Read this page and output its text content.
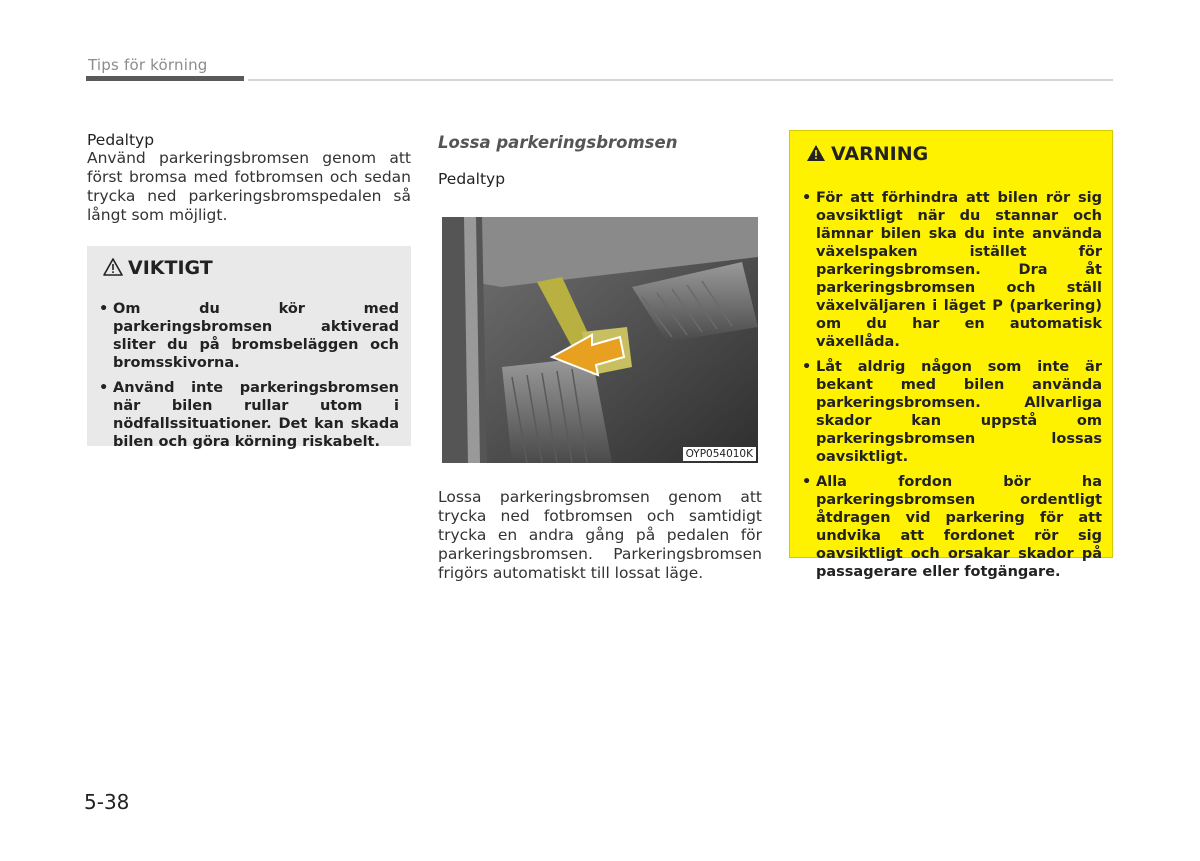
Tips för körning
Pedaltyp
Använd parkeringsbromsen genom att först bromsa med fotbromsen och sedan trycka ned parkeringsbromspedalen så långt som möjligt.
VIKTIGT
• Om du kör med parkeringsbromsen aktiverad sliter du på bromsbeläggen och bromsskivorna.
• Använd inte parkeringsbromsen när bilen rullar utom i nödfallssituationer. Det kan skada bilen och göra körning riskabelt.
Lossa parkeringsbromsen
Pedaltyp
OYP054010K
Lossa parkeringsbromsen genom att trycka ned fotbromsen och samtidigt trycka en andra gång på pedalen för parkeringsbromsen. Parkeringsbromsen frigörs automatiskt till lossat läge.
VARNING
• För att förhindra att bilen rör sig oavsiktligt när du stannar och lämnar bilen ska du inte använda växelspaken istället för parkeringsbromsen. Dra åt parkeringsbromsen och ställ växelväljaren i läget P (parkering) om du har en automatisk växellåda.
• Låt aldrig någon som inte är bekant med bilen använda parkeringsbromsen. Allvarliga skador kan uppstå om parkeringsbromsen lossas oavsiktligt.
• Alla fordon bör ha parkeringsbromsen ordentligt åtdragen vid parkering för att undvika att fordonet rör sig oavsiktligt och orsakar skador på passagerare eller fotgängare.
5-38
